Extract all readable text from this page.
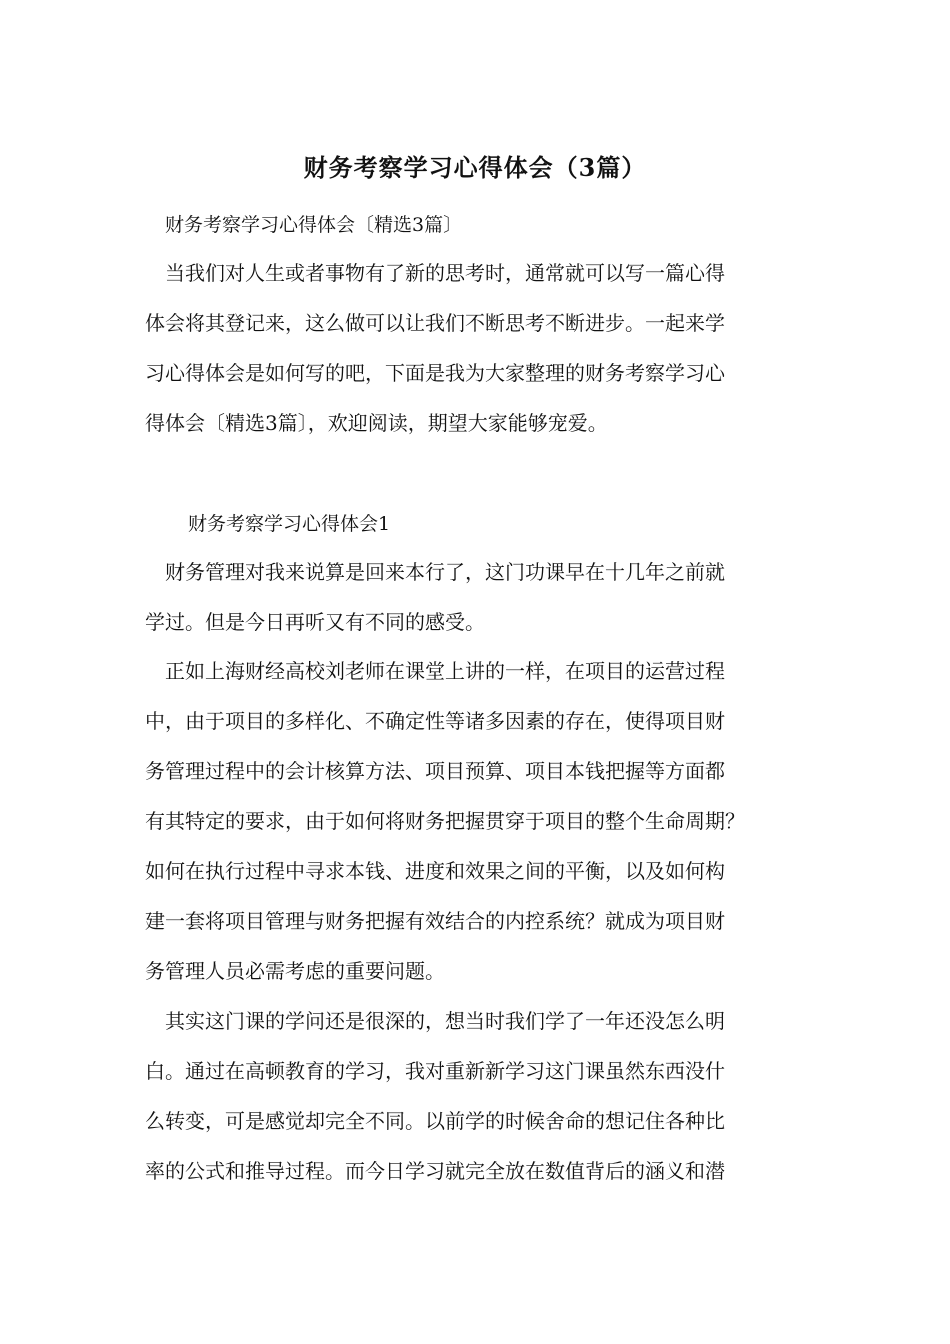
财务考察学习心得体会（3篇）
财务考察学习心得体会〔精选3篇〕
　当我们对人生或者事物有了新的思考时，通常就可以写一篇心得
体会将其登记来，这么做可以让我们不断思考不断进步。一起来学
习心得体会是如何写的吧，下面是我为大家整理的财务考察学习心
得体会〔精选3篇〕，欢迎阅读，期望大家能够宠爱。
财务考察学习心得体会1
　财务管理对我来说算是回来本行了，这门功课早在十几年之前就
学过。但是今日再听又有不同的感受。
　正如上海财经高校刘老师在课堂上讲的一样，在项目的运营过程
中，由于项目的多样化、不确定性等诸多因素的存在，使得项目财
务管理过程中的会计核算方法、项目预算、项目本钱把握等方面都
有其特定的要求，由于如何将财务把握贯穿于项目的整个生命周期？
如何在执行过程中寻求本钱、进度和效果之间的平衡，以及如何构
建一套将项目管理与财务把握有效结合的内控系统？就成为项目财
务管理人员必需考虑的重要问题。
　其实这门课的学问还是很深的，想当时我们学了一年还没怎么明
白。通过在高顿教育的学习，我对重新新学习这门课虽然东西没什
么转变，可是感觉却完全不同。以前学的时候舍命的想记住各种比
率的公式和推导过程。而今日学习就完全放在数值背后的涵义和潜
